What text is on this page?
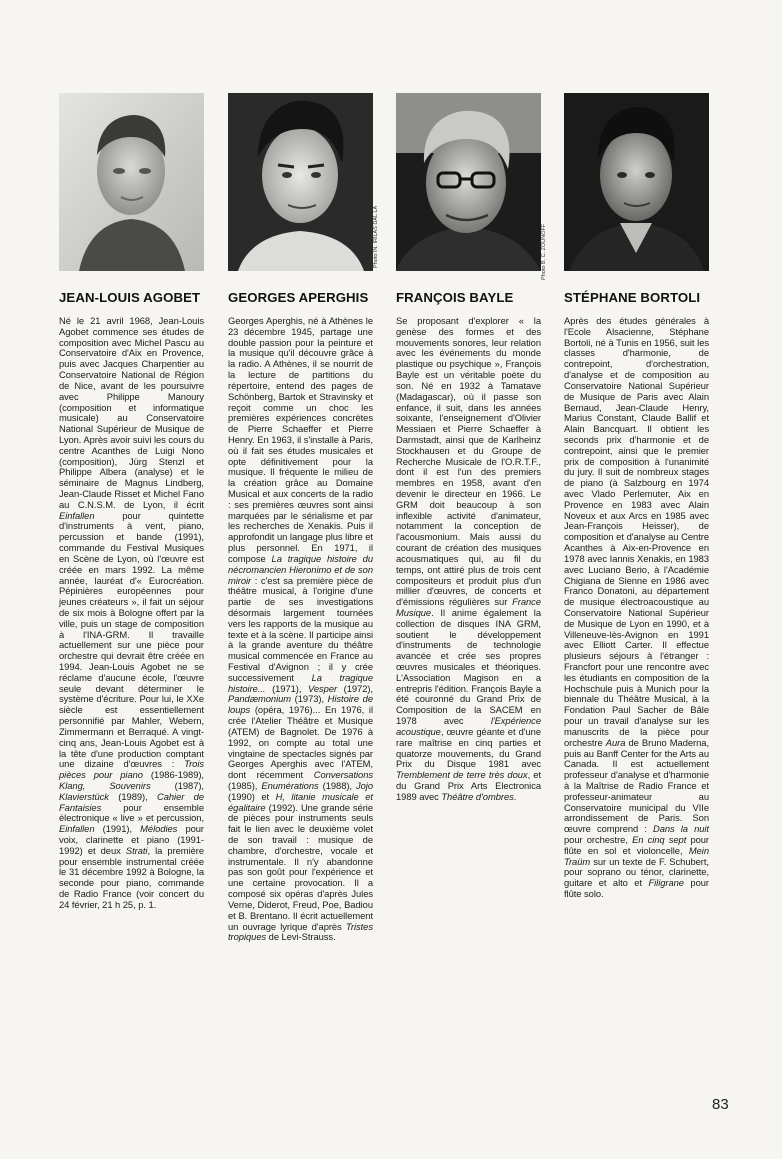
JEAN-LOUIS AGOBET
Né le 21 avril 1968, Jean-Louis Agobet commence ses études de composition avec Michel Pascu au Conservatoire d'Aix en Provence, puis avec Jacques Charpentier au Conservatoire National de Région de Nice, avant de les poursuivre avec Philippe Manoury (composition et informatique musicale) au Conservatoire National Supérieur de Musique de Lyon. Après avoir suivi les cours du centre Acanthes de Luigi Nono (composition), Jürg Stenzl et Philippe Albera (analyse) et le séminaire de Magnus Lindberg, Jean-Claude Risset et Michel Fano au C.N.S.M. de Lyon, il écrit Einfallen pour quintette d'instruments à vent, piano, percussion et bande (1991), commande du Festival Musiques en Scène de Lyon, où l'œuvre est créée en mars 1992. La même année, lauréat d'« Eurocréation. Pépinières européennes pour jeunes créateurs », il fait un séjour de six mois à Bologne offert par la ville, puis un stage de composition à l'INA-GRM. Il travaille actuellement sur une pièce pour orchestre qui devrait être créée en 1994. Jean-Louis Agobet ne se réclame d'aucune école, l'œuvre seule devant déterminer le système d'écriture. Pour lui, le XXe siècle est essentiellement personnifié par Mahler, Webern, Zimmermann et Berraqué. A vingt-cinq ans, Jean-Louis Agobet est à la tête d'une production comptant une dizaine d'œuvres : Trois pièces pour piano (1986-1989), Klang, Souvenirs (1987), Klavierstück (1989), Cahier de Fantaisies pour ensemble électronique « live » et percussion, Einfallen (1991), Mélodies pour voix, clarinette et piano (1991-1992) et deux Strati, la première pour ensemble instrumental créée le 31 décembre 1992 à Bologne, la seconde pour piano, commande de Radio France (voir concert du 24 février, 21 h 25, p. 1.
GEORGES APERGHIS
Georges Aperghis, né à Athènes le 23 décembre 1945, partage une double passion pour la peinture et la musique qu'il découvre grâce à la radio. A Athènes, il se nourrit de la lecture de partitions du répertoire, entend des pages de Schönberg, Bartok et Stravinsky et reçoit comme un choc les premières expériences concrètes de Pierre Schaeffer et Pierre Henry. En 1963, il s'installe à Paris, où il fait ses études musicales et opte définitivement pour la musique. Il fréquente le milieu de la création grâce au Domaine Musical et aux concerts de la radio : ses premières œuvres sont ainsi marquées par le sérialisme et par les recherches de Xenakis. Puis il approfondit un langage plus libre et plus personnel. En 1971, il compose La tragique histoire du nécromancien Hieronimo et de son miroir : c'est sa première pièce de théâtre musical, à l'origine d'une partie de ses investigations désormais largement tournées vers les rapports de la musique au texte et à la scène. Il participe ainsi à la grande aventure du théâtre musical commencée en France au Festival d'Avignon ; il y crée successivement La tragique histoire... (1971), Vesper (1972), Pandæmonium (1973), Histoire de loups (opéra, 1976)... En 1976, il crée l'Atelier Théâtre et Musique (ATEM) de Bagnolet. De 1976 à 1992, on compte au total une vingtaine de spectacles signés par Georges Aperghis avec l'ATEM, dont récemment Conversations (1985), Enumérations (1988), Jojo (1990) et H, litanie musicale et égalitaire (1992). Une grande série de pièces pour instruments seuls fait le lien avec le deuxième volet de son travail : musique de chambre, d'orchestre, vocale et instrumentale. Il n'y abandonne pas son goût pour l'expérience et une certaine provocation. Il a composé six opéras d'après Jules Verne, Diderot, Freud, Poe, Badiou et B. Brentano. Il écrit actuellement un ouvrage lyrique d'après Tristes tropiques de Levi-Strauss.
FRANÇOIS BAYLE
Se proposant d'explorer « la genèse des formes et des mouvements sonores, leur relation avec les événements du monde plastique ou psychique », François Bayle est un véritable poète du son. Né en 1932 à Tamatave (Madagascar), où il passe son enfance, il suit, dans les années soixante, l'enseignement d'Olivier Messiaen et Pierre Schaeffer à Darmstadt, ainsi que de Karlheinz Stockhausen et du Groupe de Recherche Musicale de l'O.R.T.F., dont il est l'un des premiers membres en 1958, avant d'en devenir le directeur en 1966. Le GRM doit beaucoup à son inflexible activité d'animateur, notamment la conception de l'acousmonium. Mais aussi du courant de création des musiques acousmatiques qui, au fil du temps, ont attiré plus de trois cent compositeurs et produit plus d'un millier d'œuvres, de concerts et d'émissions régulières sur France Musique. Il anime également la collection de disques INA GRM, soutient le développement d'instruments de technologie avancée et crée ses propres œuvres musicales et théoriques. L'Association Magison en a entrepris l'édition. François Bayle a été couronné du Grand Prix de Composition de la SACEM en 1978 avec l'Expérience acoustique, œuvre géante et d'une rare maîtrise en cinq parties et quatorze mouvements, du Grand Prix du Disque 1981 avec Tremblement de terre très doux, et du Grand Prix Arts Electronica 1989 avec Théâtre d'ombres.
STÉPHANE BORTOLI
Après des études générales à l'Ecole Alsacienne, Stéphane Bortoli, né à Tunis en 1956, suit les classes d'harmonie, de contrepoint, d'orchestration, d'analyse et de composition au Conservatoire National Supérieur de Musique de Paris avec Alain Bernaud, Jean-Claude Henry, Marius Constant, Claude Ballif et Alain Bancquart. Il obtient les seconds prix d'harmonie et de contrepoint, ainsi que le premier prix de composition à l'unanimité du jury. Il suit de nombreux stages de piano (à Salzbourg en 1974 avec Vlado Perlemuter, Aix en Provence en 1983 avec Alain Noveux et aux Arcs en 1985 avec Jean-François Heisser), de composition et d'analyse au Centre Acanthes à Aix-en-Provence en 1978 avec Iannis Xenakis, en 1983 avec Luciano Berio, à l'Académie Chigiana de Sienne en 1986 avec Franco Donatoni, au département de musique électroacoustique au Conservatoire National Supérieur de Musique de Lyon en 1990, et à Villeneuve-lès-Avignon en 1991 avec Elliott Carter. Il effectue plusieurs séjours à l'étranger : Francfort pour une rencontre avec les étudiants en composition de la Hochschule puis à Munich pour la biennale du Théâtre Musical, à la Fondation Paul Sacher de Bâle pour un travail d'analyse sur les manuscrits de la pièce pour orchestre Aura de Bruno Maderna, puis au Banff Center for the Arts au Canada. Il est actuellement professeur d'analyse et d'harmonie à la Maîtrise de Radio France et professeur-animateur au Conservatoire municipal du VIIe arrondissement de Paris. Son œuvre comprend : Dans la nuit pour orchestre, En cinq sept pour flûte en sol et violoncelle, Mein Traüm sur un texte de F. Schubert, pour soprano ou ténor, clarinette, guitare et alto et Filigrane pour flûte solo.
Photo IN. IRILAS DAL LA	Photo B. C. ZOUNOFF
83
